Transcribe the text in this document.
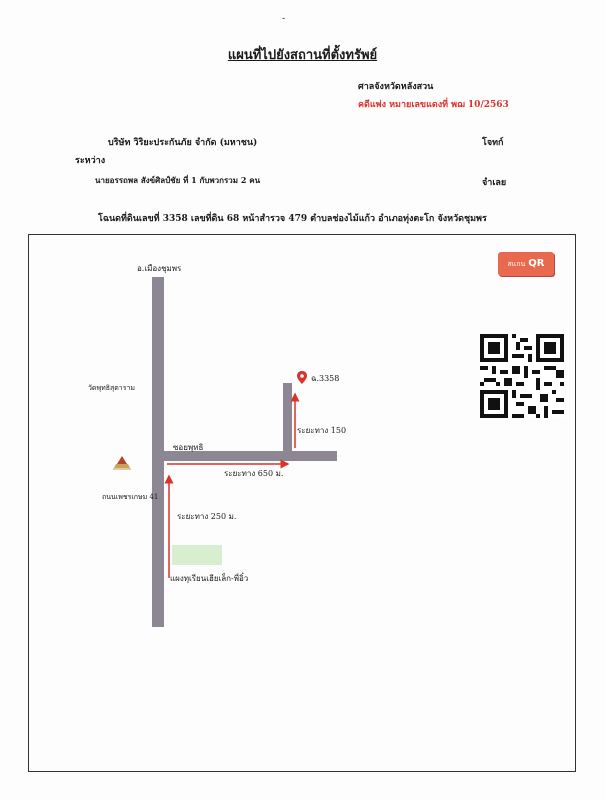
-
แผนที่ไปยังสถานที่ตั้งทรัพย์
ศาลจังหวัดหลังสวน
คดีแพ่ง หมายเลขแดงที่ พฌ 10/2563
บริษัท วิริยะประกันภัย จำกัด (มหาชน)	โจทก์
ระหว่าง
นายอรรถพล สังข์ศิลป์ชัย ที่ 1 กับพวกรวม 2 คน	จำเลย
โฉนดที่ดินเลขที่ 3358 เลขที่ดิน 68 หน้าสำรวจ 479 ตำบลช่องไม้แก้ว อำเภอทุ่งตะโก จังหวัดชุมพร
อ.เมืองชุมพร	สแกน QR
ฉ.3358
วัดพุทธิสุตาราม
ระยะทาง 150
ซอยพุทธิ
ระยะทาง 650 ม.
ถนนเพชรเกษม 41
ระยะทาง 250 ม.
แผงทุเรียนเฮียเล็ก-พี่อิ๋ว
